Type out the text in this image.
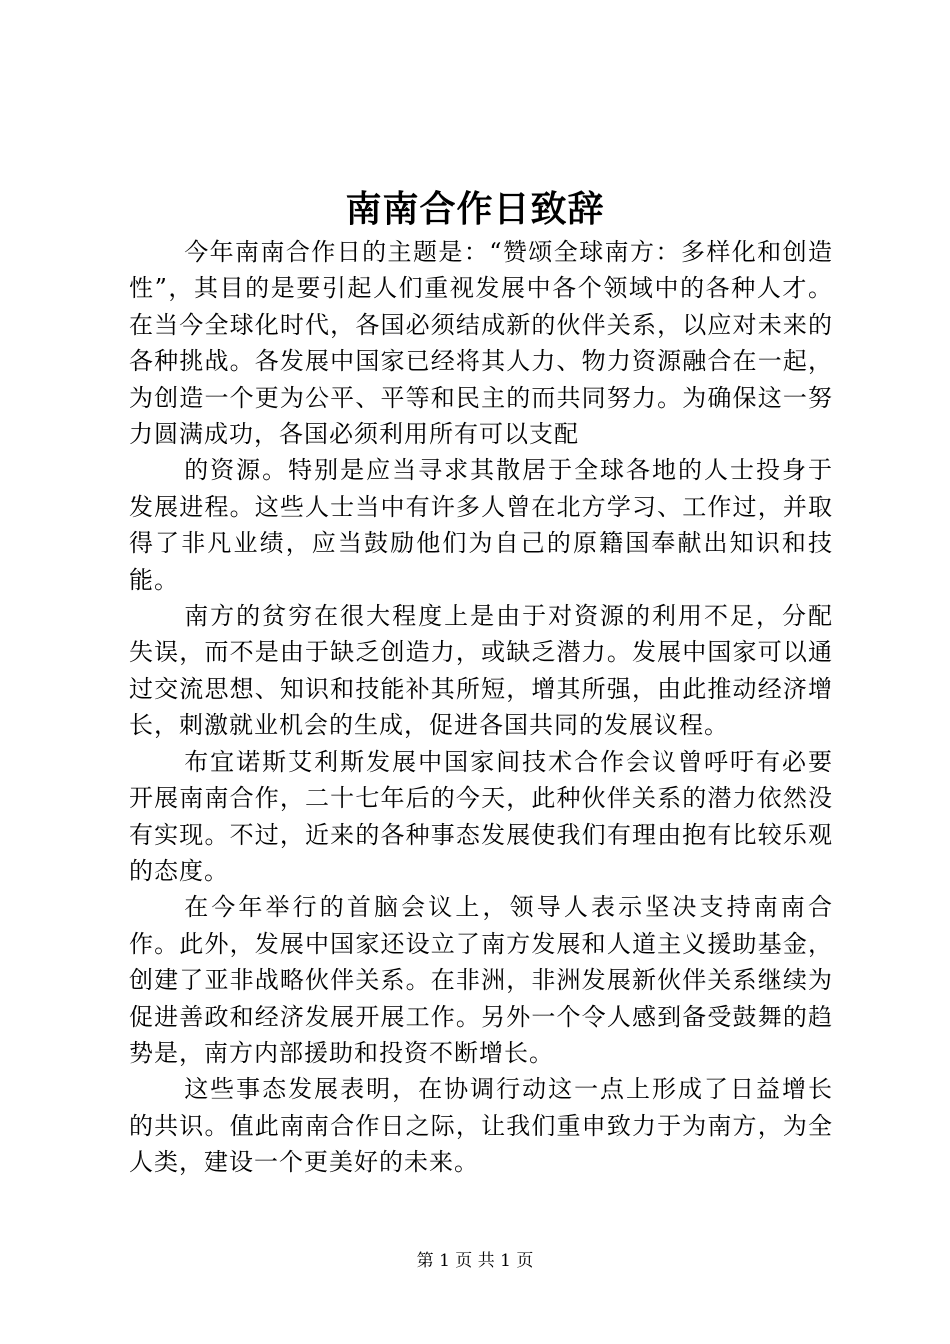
南南合作日致辞

今年南南合作日的主题是：“赞颂全球南方：多样化和创造性”，其目的是要引起人们重视发展中各个领域中的各种人才。在当今全球化时代，各国必须结成新的伙伴关系，以应对未来的各种挑战。各发展中国家已经将其人力、物力资源融合在一起，为创造一个更为公平、平等和民主的而共同努力。为确保这一努力圆满成功，各国必须利用所有可以支配

的资源。特别是应当寻求其散居于全球各地的人士投身于发展进程。这些人士当中有许多人曾在北方学习、工作过，并取得了非凡业绩，应当鼓励他们为自己的原籍国奉献出知识和技能。

南方的贫穷在很大程度上是由于对资源的利用不足，分配失误，而不是由于缺乏创造力，或缺乏潜力。发展中国家可以通过交流思想、知识和技能补其所短，增其所强，由此推动经济增长，刺激就业机会的生成，促进各国共同的发展议程。

布宜诺斯艾利斯发展中国家间技术合作会议曾呼吁有必要开展南南合作，二十七年后的今天，此种伙伴关系的潜力依然没有实现。不过，近来的各种事态发展使我们有理由抱有比较乐观的态度。

在今年举行的首脑会议上，领导人表示坚决支持南南合作。此外，发展中国家还设立了南方发展和人道主义援助基金，创建了亚非战略伙伴关系。在非洲，非洲发展新伙伴关系继续为促进善政和经济发展开展工作。另外一个令人感到备受鼓舞的趋势是，南方内部援助和投资不断增长。

这些事态发展表明，在协调行动这一点上形成了日益增长的共识。值此南南合作日之际，让我们重申致力于为南方，为全人类，建设一个更美好的未来。

第 1 页 共 1 页
